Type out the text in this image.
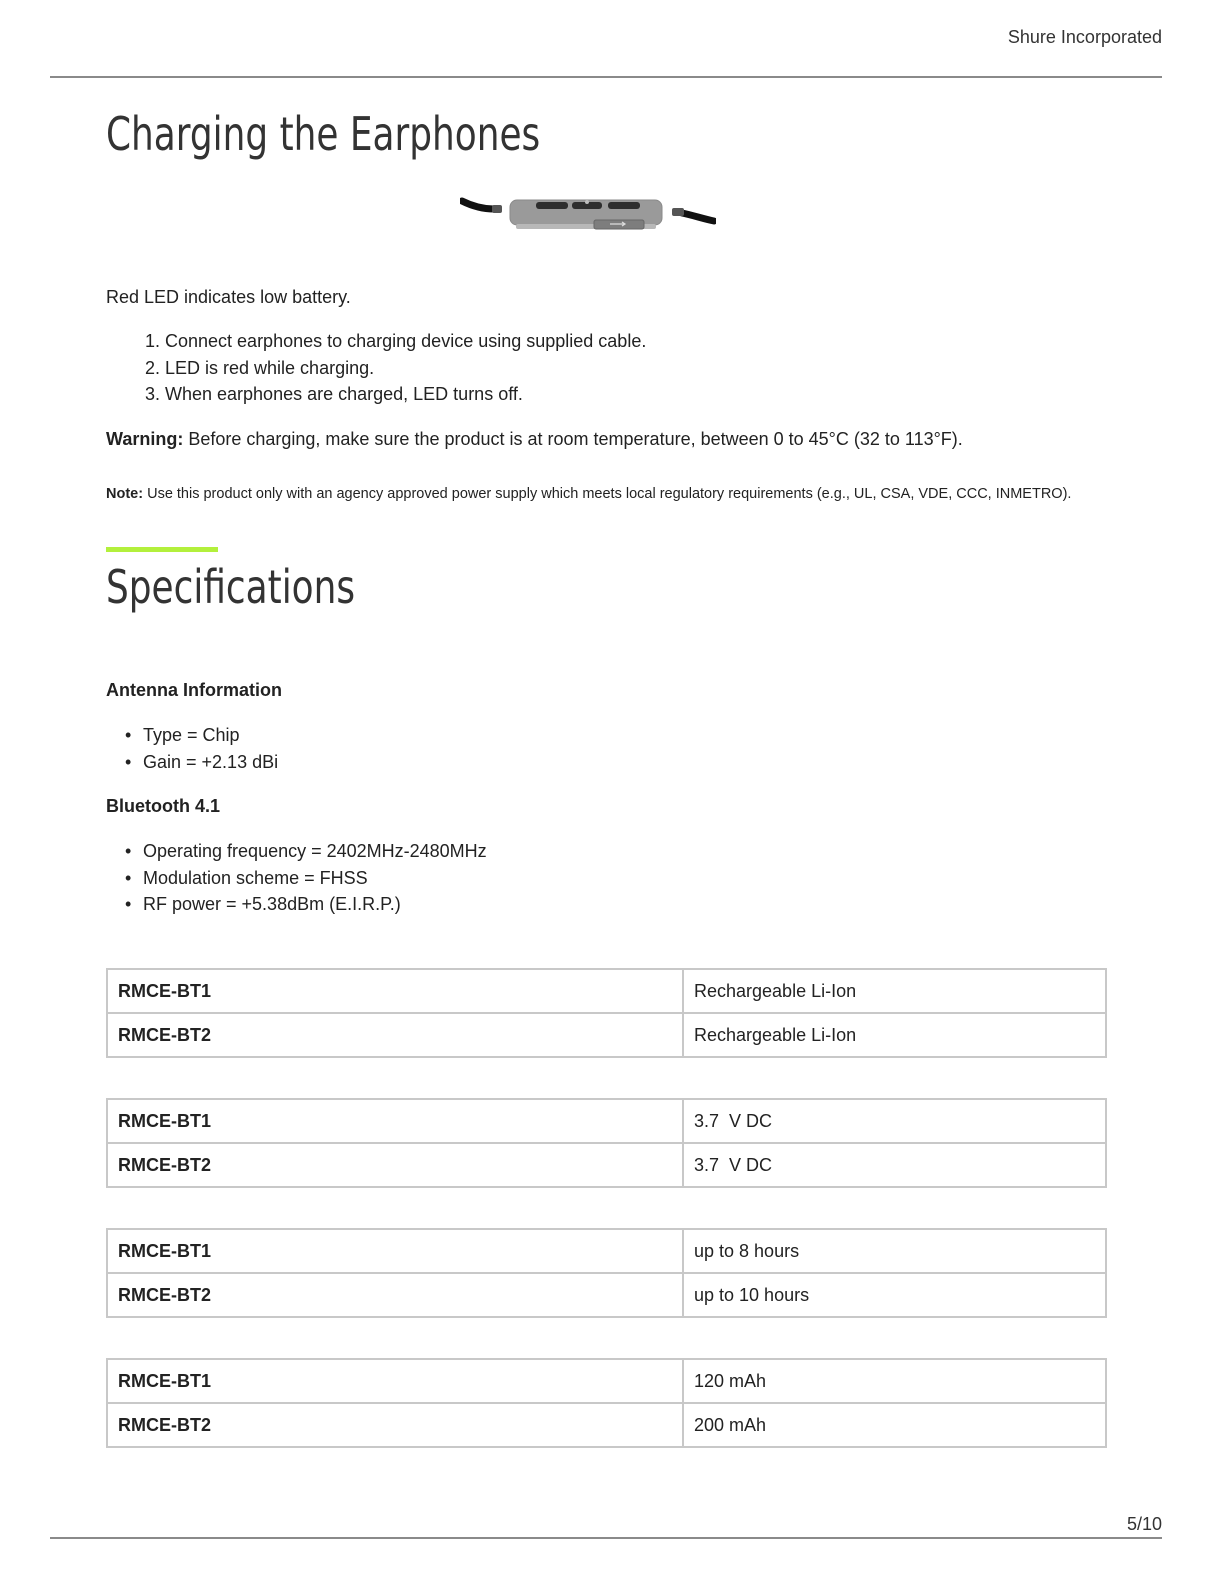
Shure Incorporated
Charging the Earphones

Red LED indicates low battery.

1. Connect earphones to charging device using supplied cable.
2. LED is red while charging.
3. When earphones are charged, LED turns off.

Warning: Before charging, make sure the product is at room temperature, between 0 to 45°C (32 to 113°F).

Note: Use this product only with an agency approved power supply which meets local regulatory requirements (e.g., UL, CSA, VDE, CCC, INMETRO).

Specifications
Antenna Information
• Type = Chip
• Gain = +2.13 dBi
Bluetooth 4.1
• Operating frequency = 2402MHz-2480MHz
• Modulation scheme = FHSS
• RF power = +5.38dBm (E.I.R.P.)
RMCE-BT1	Rechargeable Li-Ion
RMCE-BT2	Rechargeable Li-Ion
RMCE-BT1	3.7  V DC
RMCE-BT2	3.7  V DC
RMCE-BT1	up to 8 hours
RMCE-BT2	up to 10 hours
RMCE-BT1	120 mAh
RMCE-BT2	200 mAh
5/10
